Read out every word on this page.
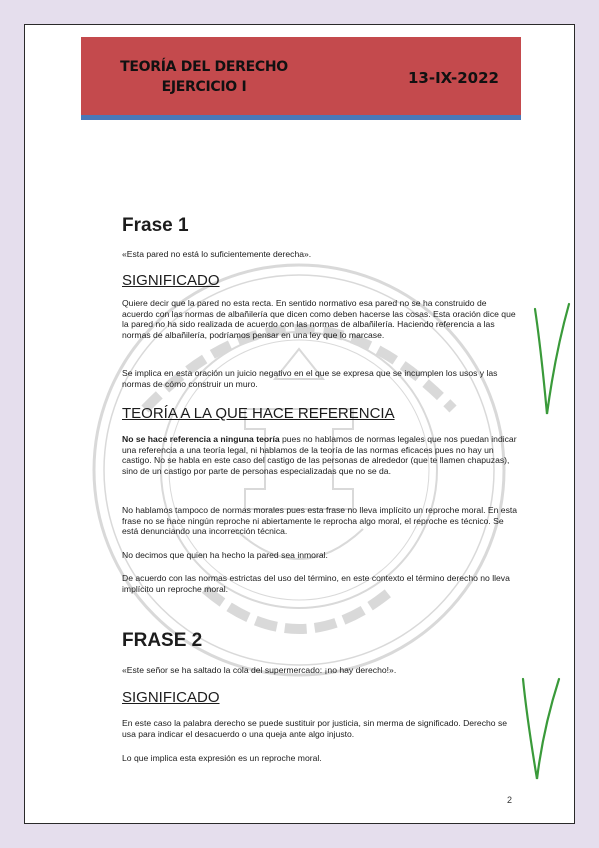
TEORÍA DEL DERECHO
EJERCICIO I	13-IX-2022
Frase 1

«Esta pared no está lo suficientemente derecha».

SIGNIFICADO

Quiere decir que la pared no esta recta. En sentido normativo esa pared no se ha construido de acuerdo con las normas de albañilería que dicen como deben hacerse las cosas. Esta oración dice que la pared no ha sido realizada de acuerdo con las normas de albañilería. Haciendo referencia a las normas de albañilería, podríamos pensar en una ley que lo marcase.

Se implica en esta oración un juicio negativo en el que se expresa que se incumplen los usos y las normas de cómo construir un muro.

TEORÍA A LA QUE HACE REFERENCIA

No se hace referencia a ninguna teoría pues no hablamos de normas legales que nos puedan indicar una referencia a una teoría legal, ni hablamos de la teoría de las normas eficaces pues no hay un castigo. No se habla en este caso del castigo de las personas de alrededor (que te llamen chapuzas), sino de un castigo por parte de personas especializadas que no se da.

No hablamos tampoco de normas morales pues esta frase no lleva implícito un reproche moral. En esta frase no se hace ningún reproche ni abiertamente le reprocha algo moral, el reproche es técnico. Se está denunciando una incorrección técnica.

No decimos que quien ha hecho la pared sea inmoral.

De acuerdo con las normas estrictas del uso del término, en este contexto el término derecho no lleva implícito un reproche moral.

FRASE 2

«Este señor se ha saltado la cola del supermercado: ¡no hay derecho!».

SIGNIFICADO

En este caso la palabra derecho se puede sustituir por justicia, sin merma de significado. Derecho se usa para indicar el desacuerdo o una queja ante algo injusto.

Lo que implica esta expresión es un reproche moral.

2
